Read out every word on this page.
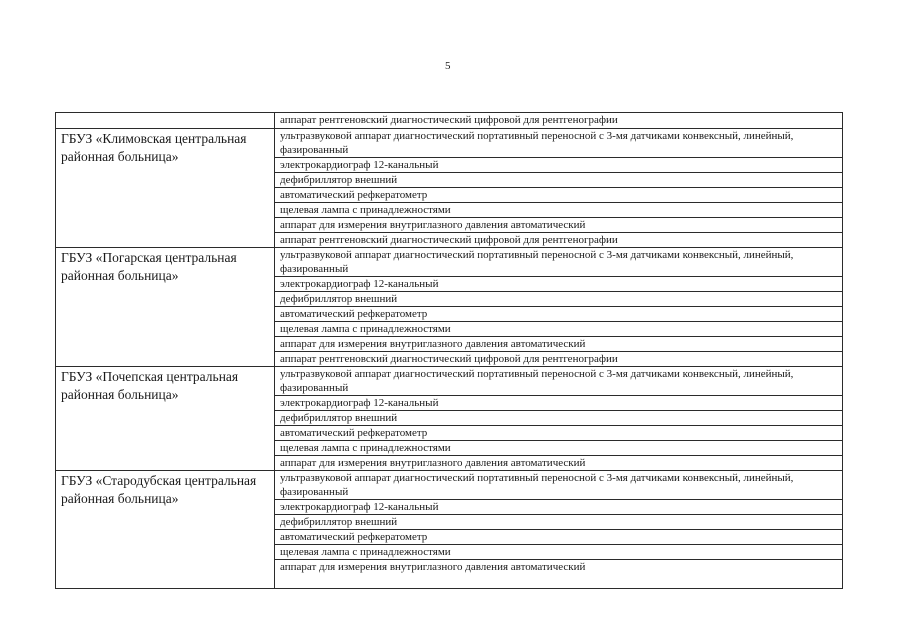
5
	аппарат рентгеновский диагностический цифровой для рентгенографии
ГБУЗ «Климовская центральная районная больница»	ультразвуковой аппарат диагностический портативный переносной с 3-мя датчиками конвексный, линейный, фазированный
	электрокардиограф 12-канальный
	дефибриллятор внешний
	автоматический рефкератометр
	щелевая лампа с принадлежностями
	аппарат для измерения внутриглазного давления автоматический
	аппарат рентгеновский диагностический цифровой для рентгенографии
ГБУЗ «Погарская центральная районная больница»	ультразвуковой аппарат диагностический портативный переносной с 3-мя датчиками конвексный, линейный, фазированный
	электрокардиограф 12-канальный
	дефибриллятор внешний
	автоматический рефкератометр
	щелевая лампа с принадлежностями
	аппарат для измерения внутриглазного давления автоматический
	аппарат рентгеновский диагностический цифровой для рентгенографии
ГБУЗ «Почепская центральная районная больница»	ультразвуковой аппарат диагностический портативный переносной с 3-мя датчиками конвексный, линейный, фазированный
	электрокардиограф 12-канальный
	дефибриллятор внешний
	автоматический рефкератометр
	щелевая лампа с принадлежностями
	аппарат для измерения внутриглазного давления автоматический
ГБУЗ «Стародубская центральная районная больница»	ультразвуковой аппарат диагностический портативный переносной с 3-мя датчиками конвексный, линейный, фазированный
	электрокардиограф 12-канальный
	дефибриллятор внешний
	автоматический рефкератометр
	щелевая лампа с принадлежностями
	аппарат для измерения внутриглазного давления автоматический
